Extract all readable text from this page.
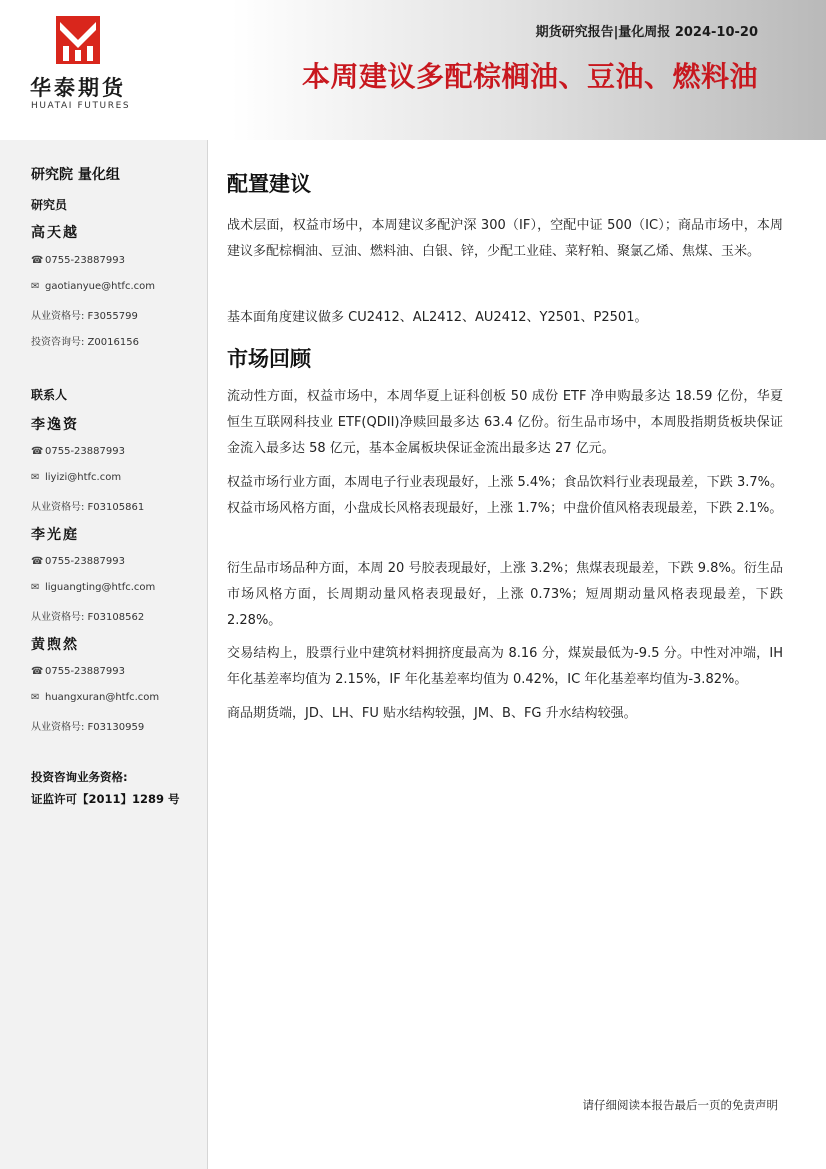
华泰期货
HUATAI FUTURES
期货研究报告|量化周报 2024-10-20
本周建议多配棕榈油、豆油、燃料油
研究院 量化组
研究员
高天越
☎ 0755-23887993
✉ gaotianyue@htfc.com
从业资格号: F3055799
投资咨询号: Z0016156
联系人
李逸资
☎ 0755-23887993
✉ liyizi@htfc.com
从业资格号: F03105861
李光庭
☎ 0755-23887993
✉ liguangting@htfc.com
从业资格号: F03108562
黄煦然
☎ 0755-23887993
✉ huangxuran@htfc.com
从业资格号: F03130959
投资咨询业务资格:
证监许可【2011】1289 号
配置建议
战术层面，权益市场中，本周建议多配沪深 300（IF），空配中证 500（IC）；商品市场中，本周建议多配棕榈油、豆油、燃料油、白银、锌，少配工业硅、菜籽粕、聚氯乙烯、焦煤、玉米。
基本面角度建议做多 CU2412、AL2412、AU2412、Y2501、P2501。
市场回顾
流动性方面，权益市场中，本周华夏上证科创板 50 成份 ETF 净申购最多达 18.59 亿份，华夏恒生互联网科技业 ETF(QDII)净赎回最多达 63.4 亿份。衍生品市场中，本周股指期货板块保证金流入最多达 58 亿元，基本金属板块保证金流出最多达 27 亿元。
权益市场行业方面，本周电子行业表现最好，上涨 5.4%；食品饮料行业表现最差，下跌 3.7%。权益市场风格方面，小盘成长风格表现最好，上涨 1.7%；中盘价值风格表现最差，下跌 2.1%。
衍生品市场品种方面，本周 20 号胶表现最好，上涨 3.2%；焦煤表现最差，下跌 9.8%。衍生品市场风格方面，长周期动量风格表现最好，上涨 0.73%；短周期动量风格表现最差，下跌 2.28%。
交易结构上，股票行业中建筑材料拥挤度最高为 8.16 分，煤炭最低为-9.5 分。中性对冲端，IH 年化基差率均值为 2.15%，IF 年化基差率均值为 0.42%，IC 年化基差率均值为-3.82%。
商品期货端，JD、LH、FU 贴水结构较强，JM、B、FG 升水结构较强。
请仔细阅读本报告最后一页的免责声明
